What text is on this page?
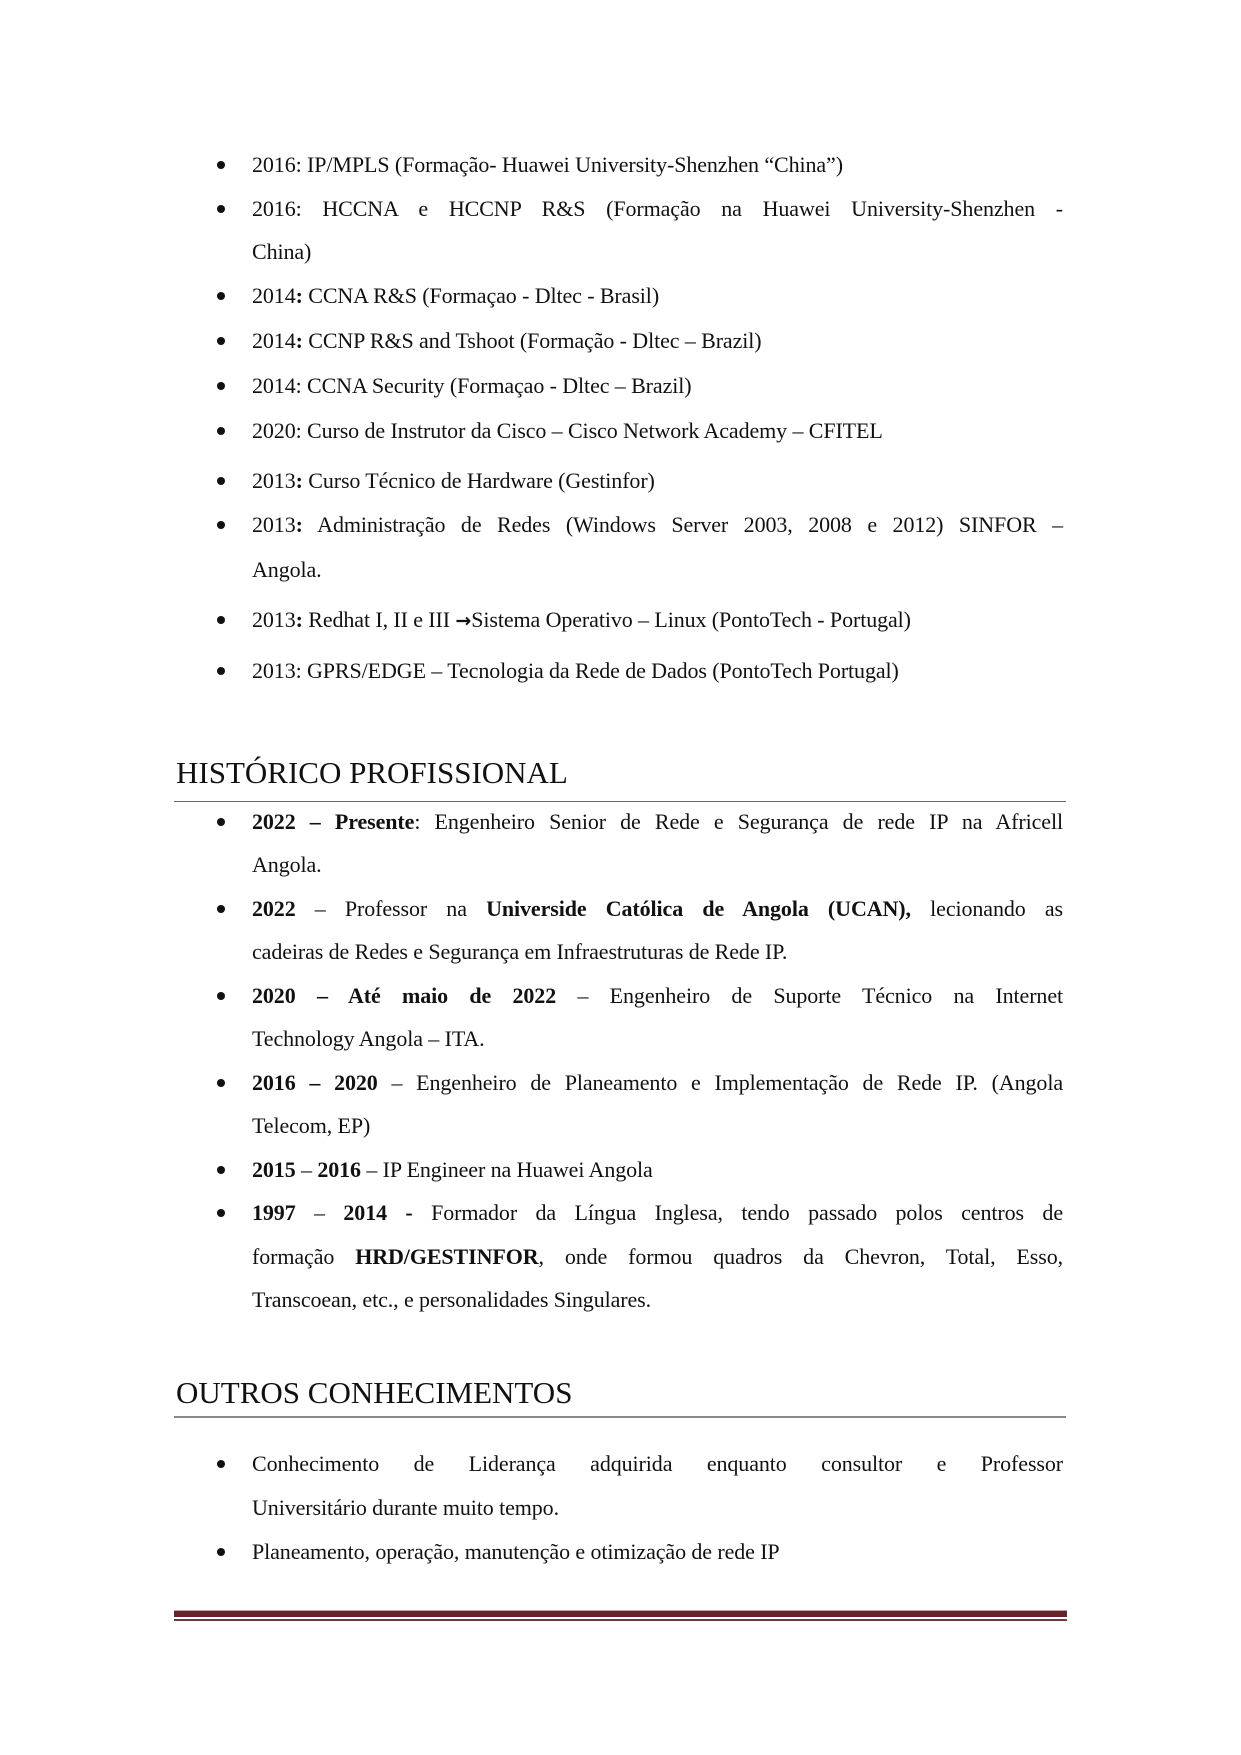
2016: IP/MPLS (Formação- Huawei University-Shenzhen “China”)
2016: HCCNA e HCCNP R&S (Formação na Huawei University-Shenzhen -
China)
2014: CCNA R&S (Formaçao - Dltec - Brasil)
2014: CCNP R&S and Tshoot (Formação - Dltec – Brazil)
2014: CCNA Security (Formaçao - Dltec – Brazil)
2020: Curso de Instrutor da Cisco – Cisco Network Academy – CFITEL
2013: Curso Técnico de Hardware (Gestinfor)
2013: Administração de Redes (Windows Server 2003, 2008 e 2012) SINFOR –
Angola.
2013: Redhat I, II e III →Sistema Operativo – Linux (PontoTech - Portugal)
2013: GPRS/EDGE – Tecnologia da Rede de Dados (PontoTech Portugal)
HISTÓRICO PROFISSIONAL
2022 – Presente: Engenheiro Senior de Rede e Segurança de rede IP na Africell
Angola.
2022 – Professor na Universide Católica de Angola (UCAN), lecionando as
cadeiras de Redes e Segurança em Infraestruturas de Rede IP.
2020 – Até maio de 2022 – Engenheiro de Suporte Técnico na Internet
Technology Angola – ITA.
2016 – 2020 – Engenheiro de Planeamento e Implementação de Rede IP. (Angola
Telecom, EP)
2015 – 2016 – IP Engineer na Huawei Angola
1997 – 2014 - Formador da Língua Inglesa, tendo passado polos centros de
formação HRD/GESTINFOR, onde formou quadros da Chevron, Total, Esso,
Transcoean, etc., e personalidades Singulares.
OUTROS CONHECIMENTOS
Conhecimento de Liderança adquirida enquanto consultor e Professor
Universitário durante muito tempo.
Planeamento, operação, manutenção e otimização de rede IP
